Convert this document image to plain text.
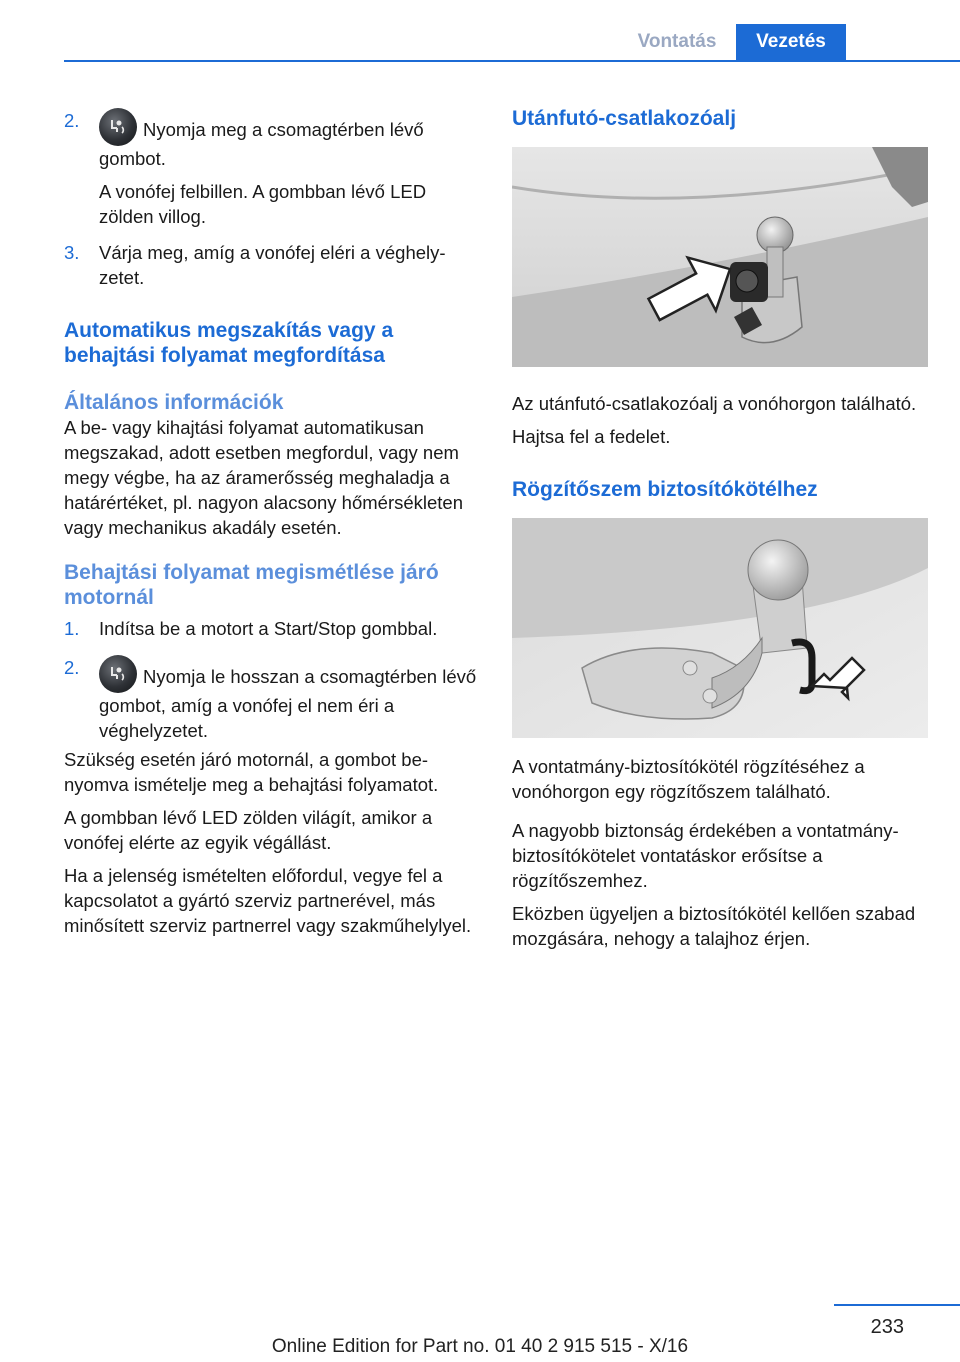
Vontatás	Vezetés
2.	Nyomja meg a csomagtérben lévő gombot.

A vonófej felbillen. A gombban lévő LED zölden villog.

3. Várja meg, amíg a vonófej eléri a véghelyzetet.

Automatikus megszakítás vagy a behajtási folyamat megfordítása
Általános információk

A be- vagy kihajtási folyamat automatikusan megszakad, adott esetben megfordul, vagy nem megy végbe, ha az áramerősség meghaladja a határértéket, pl. nagyon alacsony hőmérsékleten vagy mechanikus akadály esetén.

Behajtási folyamat megismétlése járó motornál
1. Indítsa be a motort a Start/Stop gombbal.

2.	Nyomja le hosszan a csomagtérben lévő gombot, amíg a vonófej el nem éri a véghelyzetet.

Szükség esetén járó motornál, a gombot benyomva ismételje meg a behajtási folyamatot.

A gombban lévő LED zölden világít, amikor a vonófej elérte az egyik végállást.

Ha a jelenség ismételten előfordul, vegye fel a kapcsolatot a gyártó szerviz partnerével, más minősített szerviz partnerrel vagy szakműhelylyel.

Utánfutó-csatlakozóalj

Az utánfutó-csatlakozóalj a vonóhorgon található.

Hajtsa fel a fedelet.

Rögzítőszem biztosítókötélhez

A vontatmány-biztosítókötél rögzítéséhez a vonóhorgon egy rögzítőszem található.

A nagyobb biztonság érdekében a vontatmány-biztosítókötelet vontatáskor erősítse a rögzítőszemhez.

Eközben ügyeljen a biztosítókötél kellően szabad mozgására, nehogy a talajhoz érjen.

233
Online Edition for Part no. 01 40 2 915 515 - X/16
